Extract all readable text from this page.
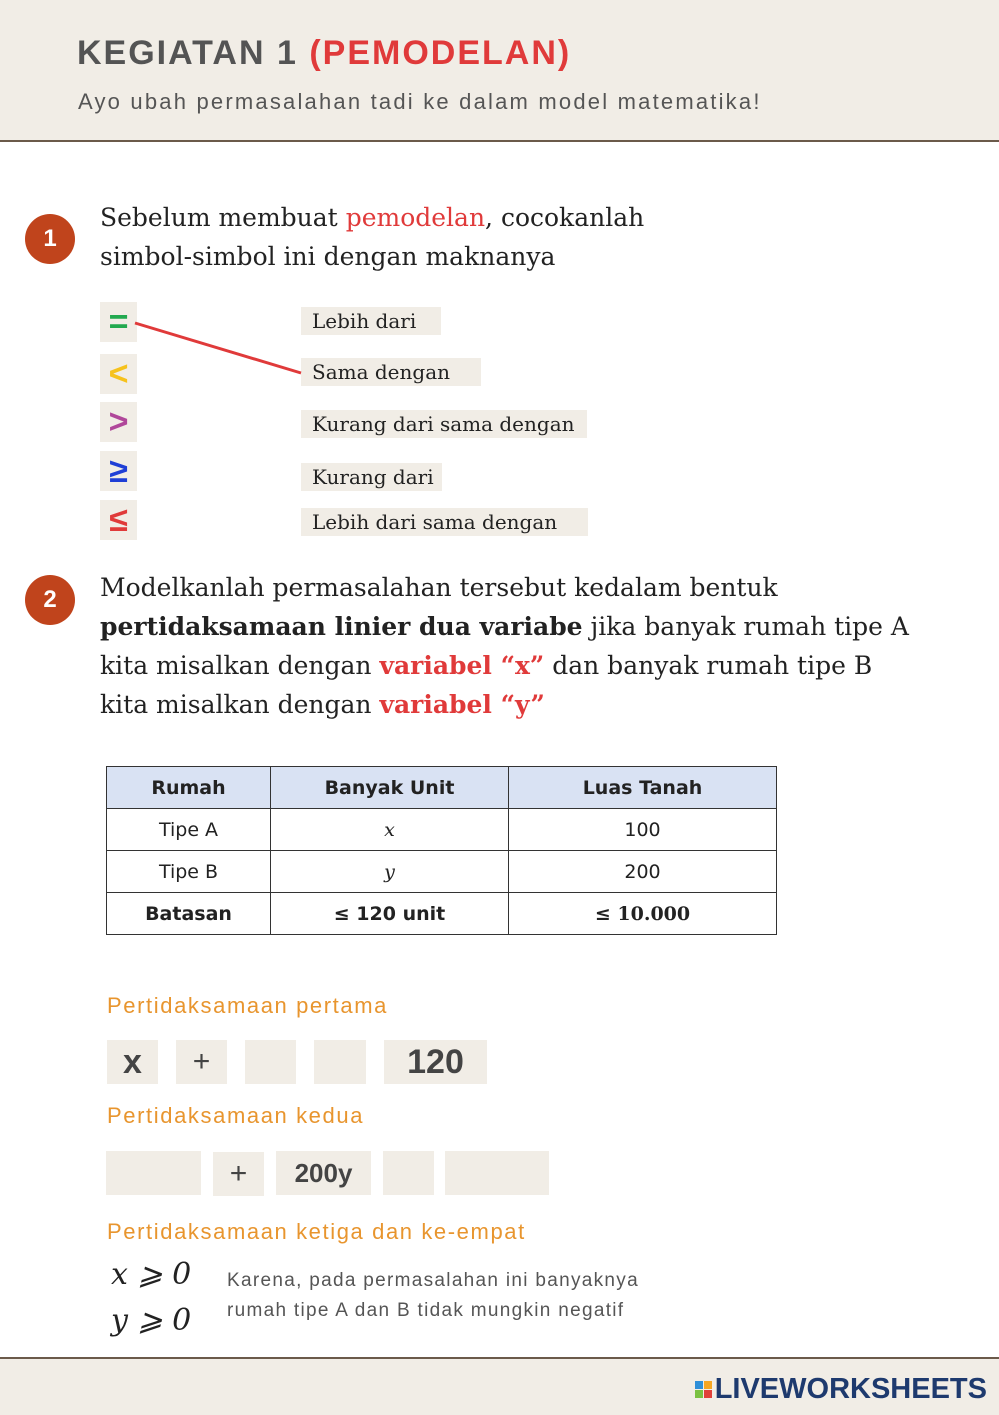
KEGIATAN 1 (PEMODELAN)
Ayo ubah permasalahan tadi ke dalam model matematika!
1
Sebelum membuat pemodelan, cocokanlah
simbol-simbol ini dengan maknanya
=
<
>
≥
≤
Lebih dari
Sama dengan
Kurang dari sama dengan
Kurang dari
Lebih dari sama dengan
2	Modelkanlah permasalahan tersebut kedalam bentuk
pertidaksamaan linier dua variabe jika banyak rumah tipe A
kita misalkan dengan variabel “x” dan banyak rumah tipe B
kita misalkan dengan variabel “y”
Rumah	Banyak Unit	Luas Tanah
Tipe A	x	100
Tipe B	y	200
Batasan	≤ 120 unit	≤ 10.000
Pertidaksamaan pertama
x	+	120
Pertidaksamaan kedua
+	200y
Pertidaksamaan ketiga dan ke-empat
x ⩾ 0
y ⩾ 0
Karena, pada permasalahan ini banyaknya
rumah tipe A dan B tidak mungkin negatif
LIVEWORKSHEETS
